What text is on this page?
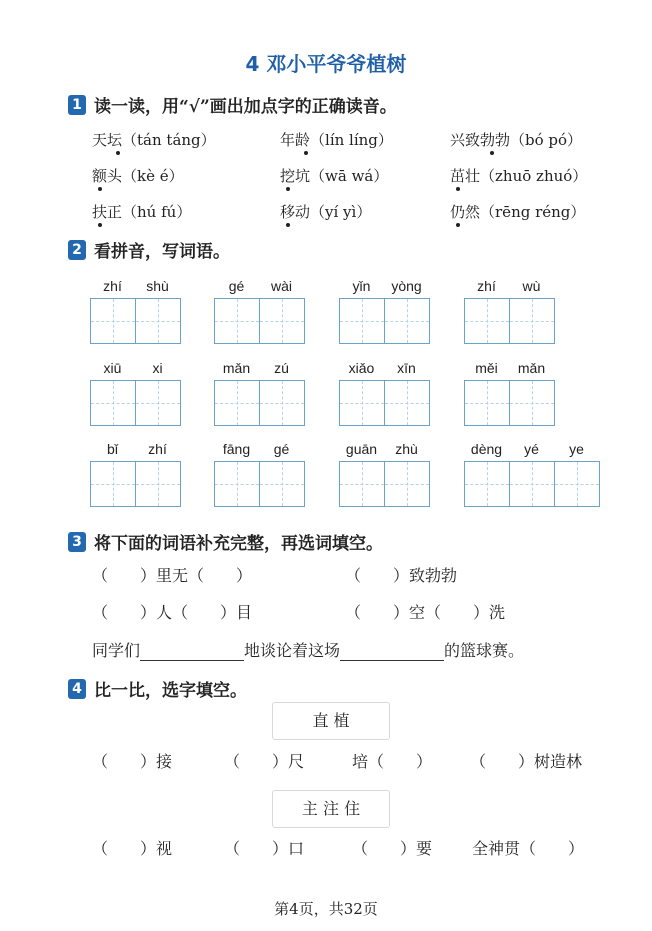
4 邓小平爷爷植树
1 读一读，用“√”画出加点字的正确读音。
天坛（tán táng）	年龄（lín líng）	兴致勃勃（bó pó）
额头（kè é）	挖坑（wā wá）	茁壮（zhuō zhuó）
扶正（hú fú）	移动（yí yì）	仍然（rēng réng）
2 看拼音，写词语。
zhí	shù	gé	wài	yǐn	yòng	zhí	wù
xiū	xi	mǎn	zú	xiǎo	xīn	měi	mǎn
bǐ	zhí	fāng	gé	guān	zhù	dèng	yé	ye
3 将下面的词语补充完整，再选词填空。
（　　）里无（　　）	（　　）致勃勃
（　　）人（　　）目	（　　）空（　　）洗
同学们	地谈论着这场	的篮球赛。
4 比一比，选字填空。
直 植
（　　）接	（　　）尺	培（　　） （　　）树造林
主 注 住
（　　）视	（　　）口	（　　）要 全神贯（　　）
第4页，共32页
